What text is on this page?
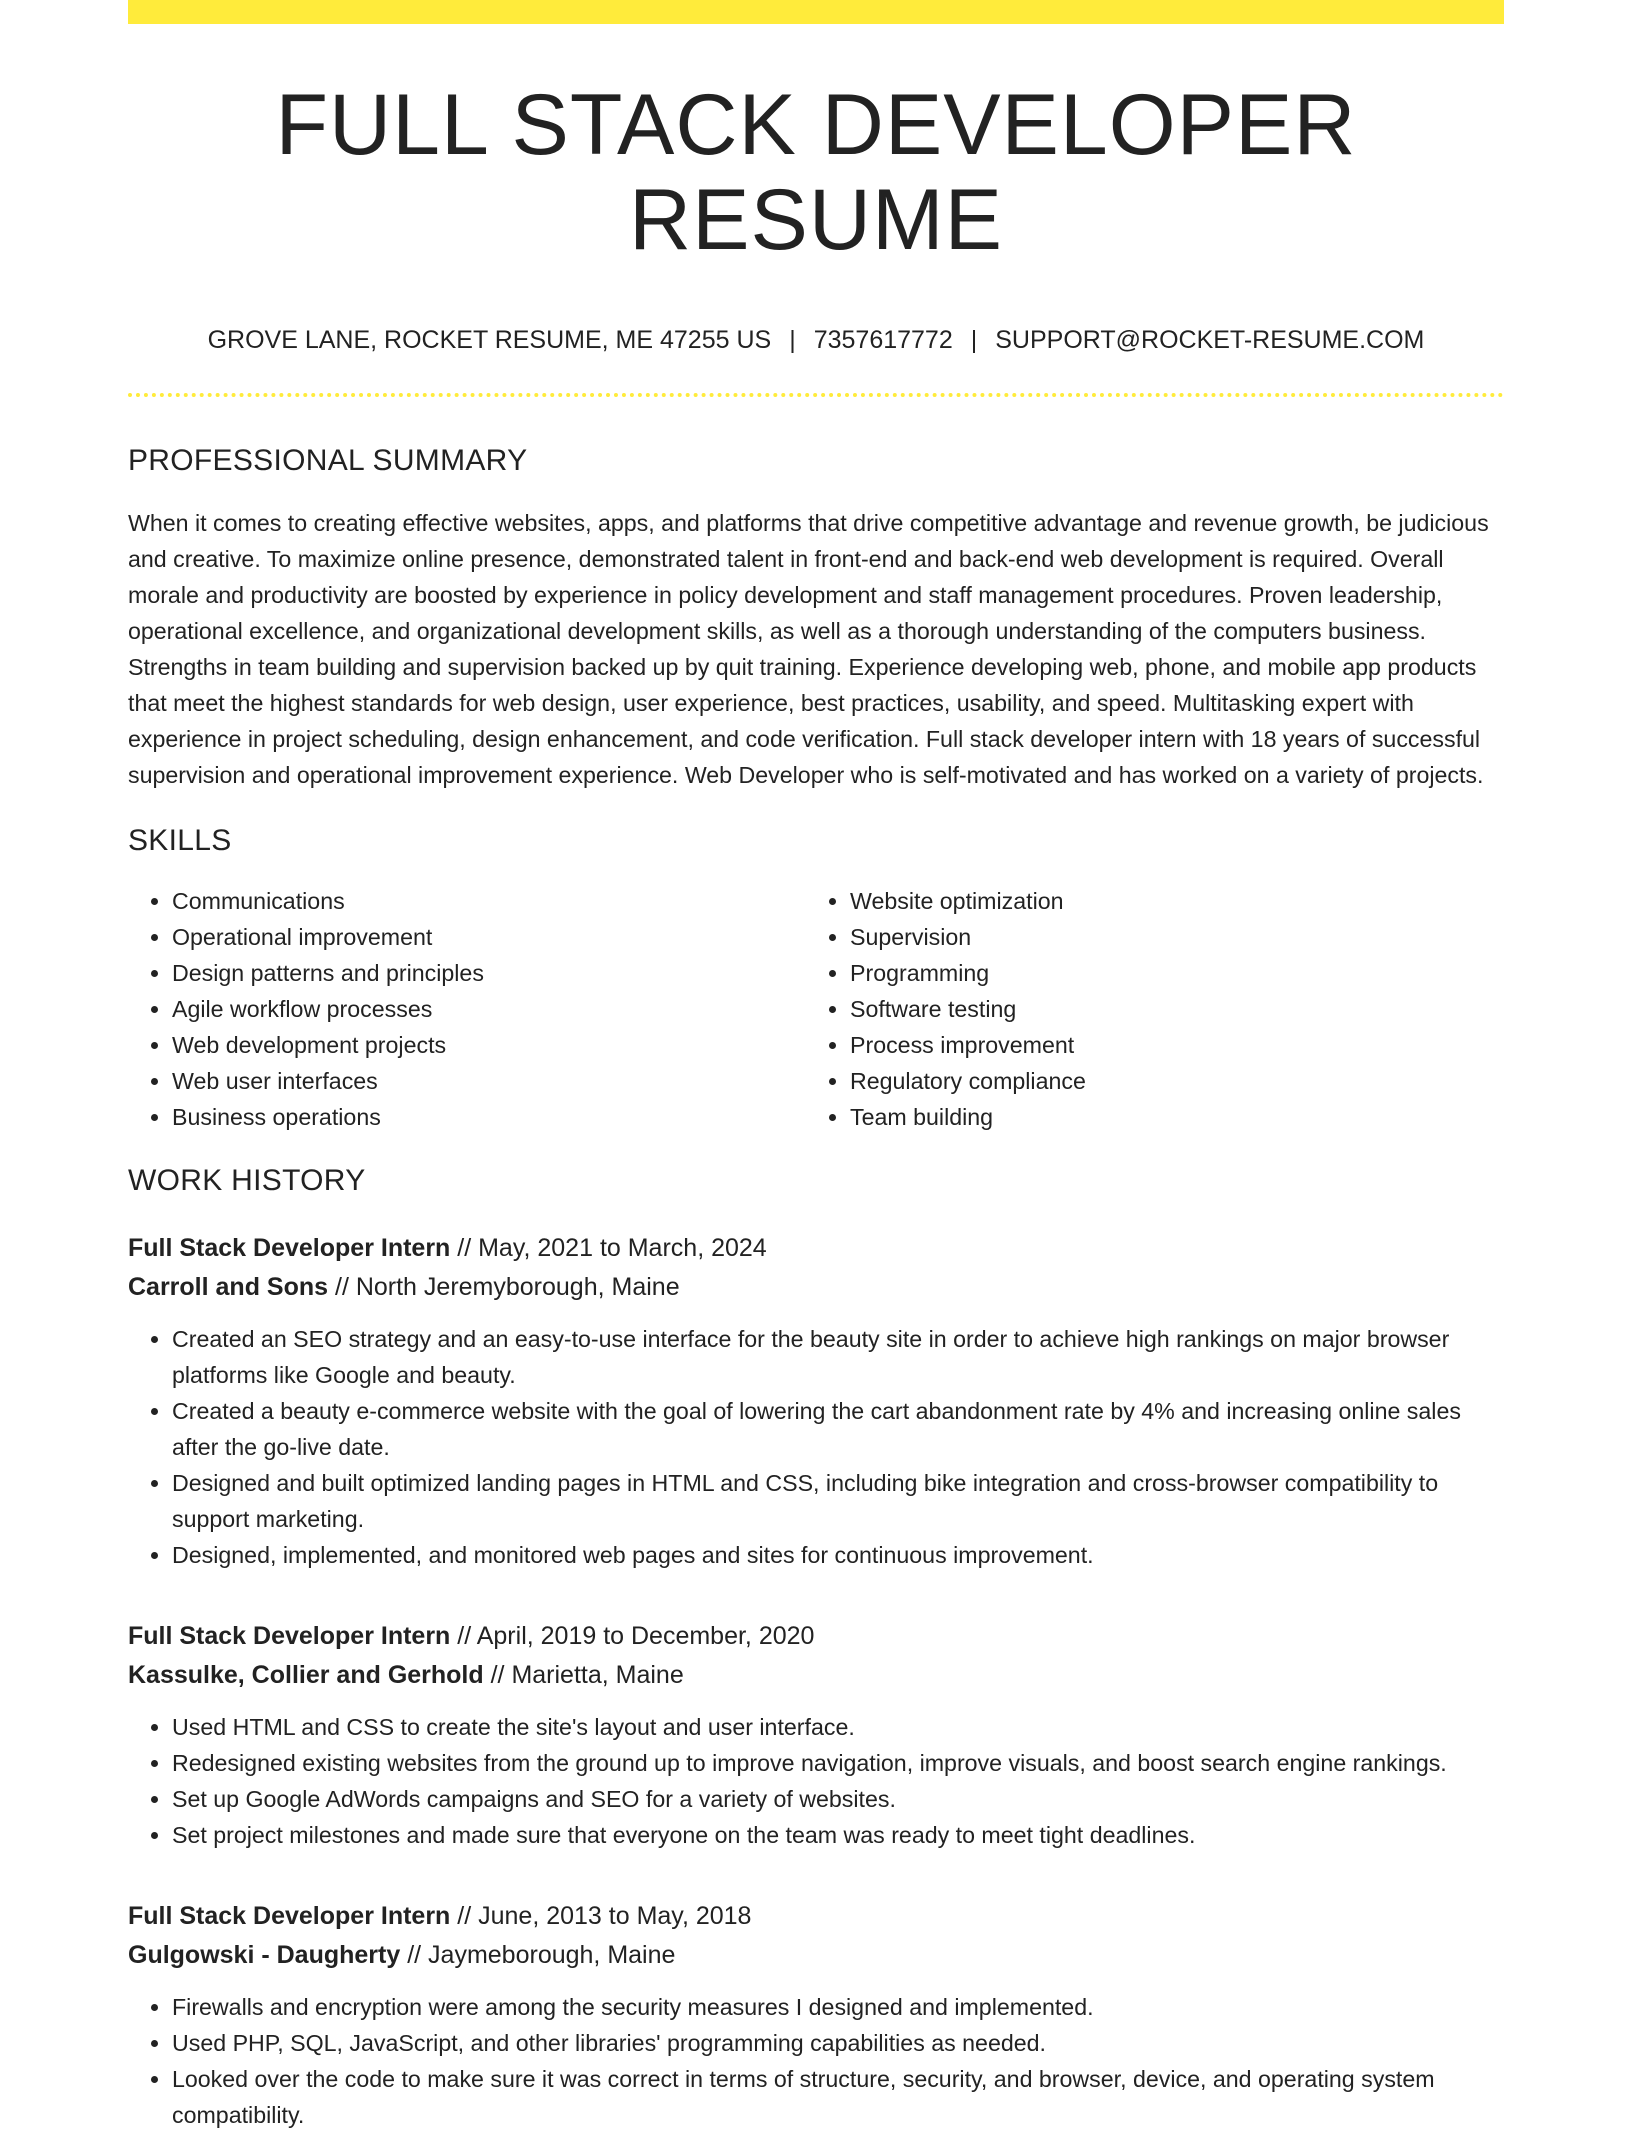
FULL STACK DEVELOPER RESUME
GROVE LANE, ROCKET RESUME, ME 47255 US | 7357617772 | SUPPORT@ROCKET-RESUME.COM
PROFESSIONAL SUMMARY

When it comes to creating effective websites, apps, and platforms that drive competitive advantage and revenue growth, be judicious and creative. To maximize online presence, demonstrated talent in front-end and back-end web development is required. Overall morale and productivity are boosted by experience in policy development and staff management procedures. Proven leadership, operational excellence, and organizational development skills, as well as a thorough understanding of the computers business. Strengths in team building and supervision backed up by quit training. Experience developing web, phone, and mobile app products that meet the highest standards for web design, user experience, best practices, usability, and speed. Multitasking expert with experience in project scheduling, design enhancement, and code verification. Full stack developer intern with 18 years of successful supervision and operational improvement experience. Web Developer who is self-motivated and has worked on a variety of projects.

SKILLS
• Communications
• Operational improvement
• Design patterns and principles
• Agile workflow processes
• Web development projects
• Web user interfaces
• Business operations
• Website optimization
• Supervision
• Programming
• Software testing
• Process improvement
• Regulatory compliance
• Team building
WORK HISTORY
Full Stack Developer Intern // May, 2021 to March, 2024
Carroll and Sons // North Jeremyborough, Maine
• Created an SEO strategy and an easy-to-use interface for the beauty site in order to achieve high rankings on major browser platforms like Google and beauty.
• Created a beauty e-commerce website with the goal of lowering the cart abandonment rate by 4% and increasing online sales after the go-live date.
• Designed and built optimized landing pages in HTML and CSS, including bike integration and cross-browser compatibility to support marketing.
• Designed, implemented, and monitored web pages and sites for continuous improvement.
Full Stack Developer Intern // April, 2019 to December, 2020
Kassulke, Collier and Gerhold // Marietta, Maine
• Used HTML and CSS to create the site's layout and user interface.
• Redesigned existing websites from the ground up to improve navigation, improve visuals, and boost search engine rankings.
• Set up Google AdWords campaigns and SEO for a variety of websites.
• Set project milestones and made sure that everyone on the team was ready to meet tight deadlines.
Full Stack Developer Intern // June, 2013 to May, 2018
Gulgowski - Daugherty // Jaymeborough, Maine
• Firewalls and encryption were among the security measures I designed and implemented.
• Used PHP, SQL, JavaScript, and other libraries' programming capabilities as needed.
• Looked over the code to make sure it was correct in terms of structure, security, and browser, device, and operating system compatibility.
